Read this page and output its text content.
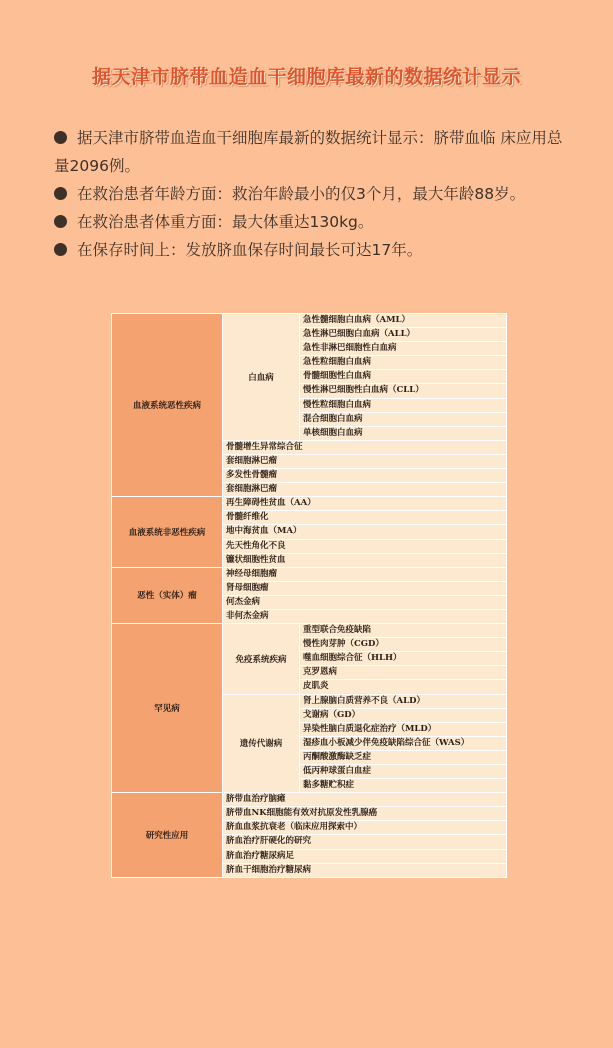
据天津市脐带血造血干细胞库最新的数据统计显示

据天津市脐带血造血干细胞库最新的数据统计显示：脐带血临 床应用总量2096例。

在救治患者年龄方面：救治年龄最小的仅3个月，最大年龄88岁。

在救治患者体重方面：最大体重达130kg。

在保存时间上：发放脐血保存时间最长可达17年。

血液系统恶性疾病
白血病
急性髓细胞白血病（AML）
急性淋巴细胞白血病（ALL）
急性非淋巴细胞性白血病
急性粒细胞白血病
骨髓细胞性白血病
慢性淋巴细胞性白血病（CLL）
慢性粒细胞白血病
混合细胞白血病
单核细胞白血病
骨髓增生异常综合征
套细胞淋巴瘤
多发性骨髓瘤
套细胞淋巴瘤
血液系统非恶性疾病
再生障碍性贫血（AA）
骨髓纤维化
地中海贫血（MA）
先天性角化不良
镰状细胞性贫血
恶性（实体）瘤
神经母细胞瘤
肾母细胞瘤
何杰金病
非何杰金病
罕见病
免疫系统疾病
重型联合免疫缺陷
慢性肉芽肿（CGD）
噬血细胞综合征（HLH）
克罗恩病
皮肌炎
遗传代谢病
肾上腺脑白质营养不良（ALD）
戈谢病（GD）
异染性脑白质退化症治疗（MLD）
湿疹血小板减少伴免疫缺陷综合征（WAS）
丙酮酸激酶缺乏症
低丙种球蛋白血症
黏多糖贮积症
研究性应用
脐带血治疗脑瘫
脐带血NK细胞能有效对抗原发性乳腺癌
脐血血浆抗衰老（临床应用探索中）
脐血治疗肝硬化的研究
脐血治疗糖尿病足
脐血干细胞治疗糖尿病
